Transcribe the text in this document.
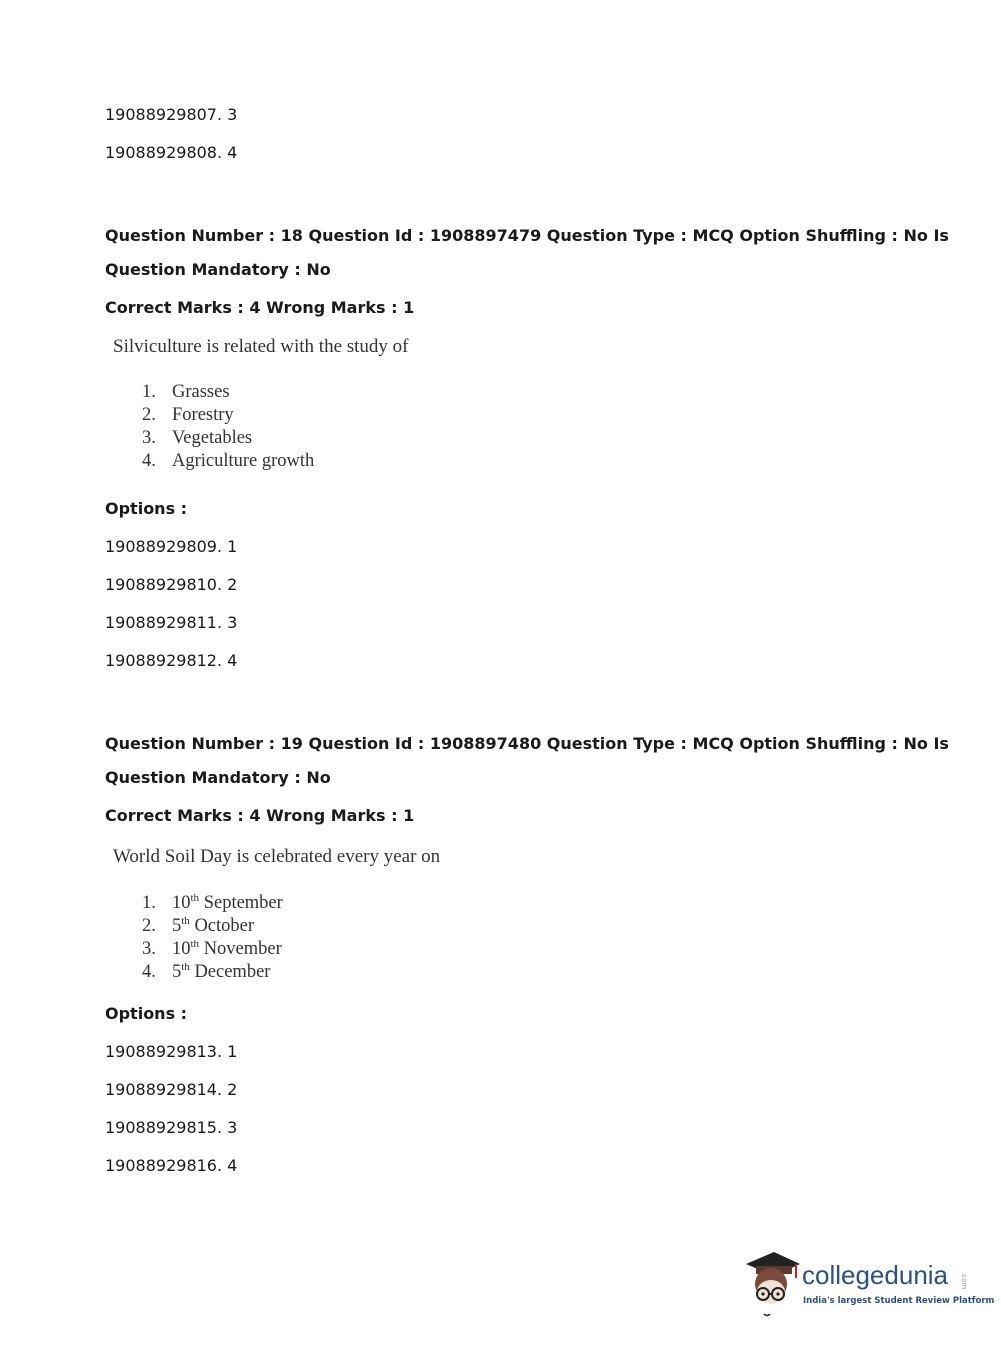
19088929807. 3
19088929808. 4
Question Number : 18 Question Id : 1908897479 Question Type : MCQ Option Shuffling : No Is
Question Mandatory : No
Correct Marks : 4 Wrong Marks : 1
Silviculture is related with the study of
1. Grasses
2. Forestry
3. Vegetables
4. Agriculture growth
Options :
19088929809. 1
19088929810. 2
19088929811. 3
19088929812. 4
Question Number : 19 Question Id : 1908897480 Question Type : MCQ Option Shuffling : No Is
Question Mandatory : No
Correct Marks : 4 Wrong Marks : 1
World Soil Day is celebrated every year on
1. 10th September
2. 5th October
3. 10th November
4. 5th December
Options :
19088929813. 1
19088929814. 2
19088929815. 3
19088929816. 4
collegedunia .com
India's largest Student Review Platform
